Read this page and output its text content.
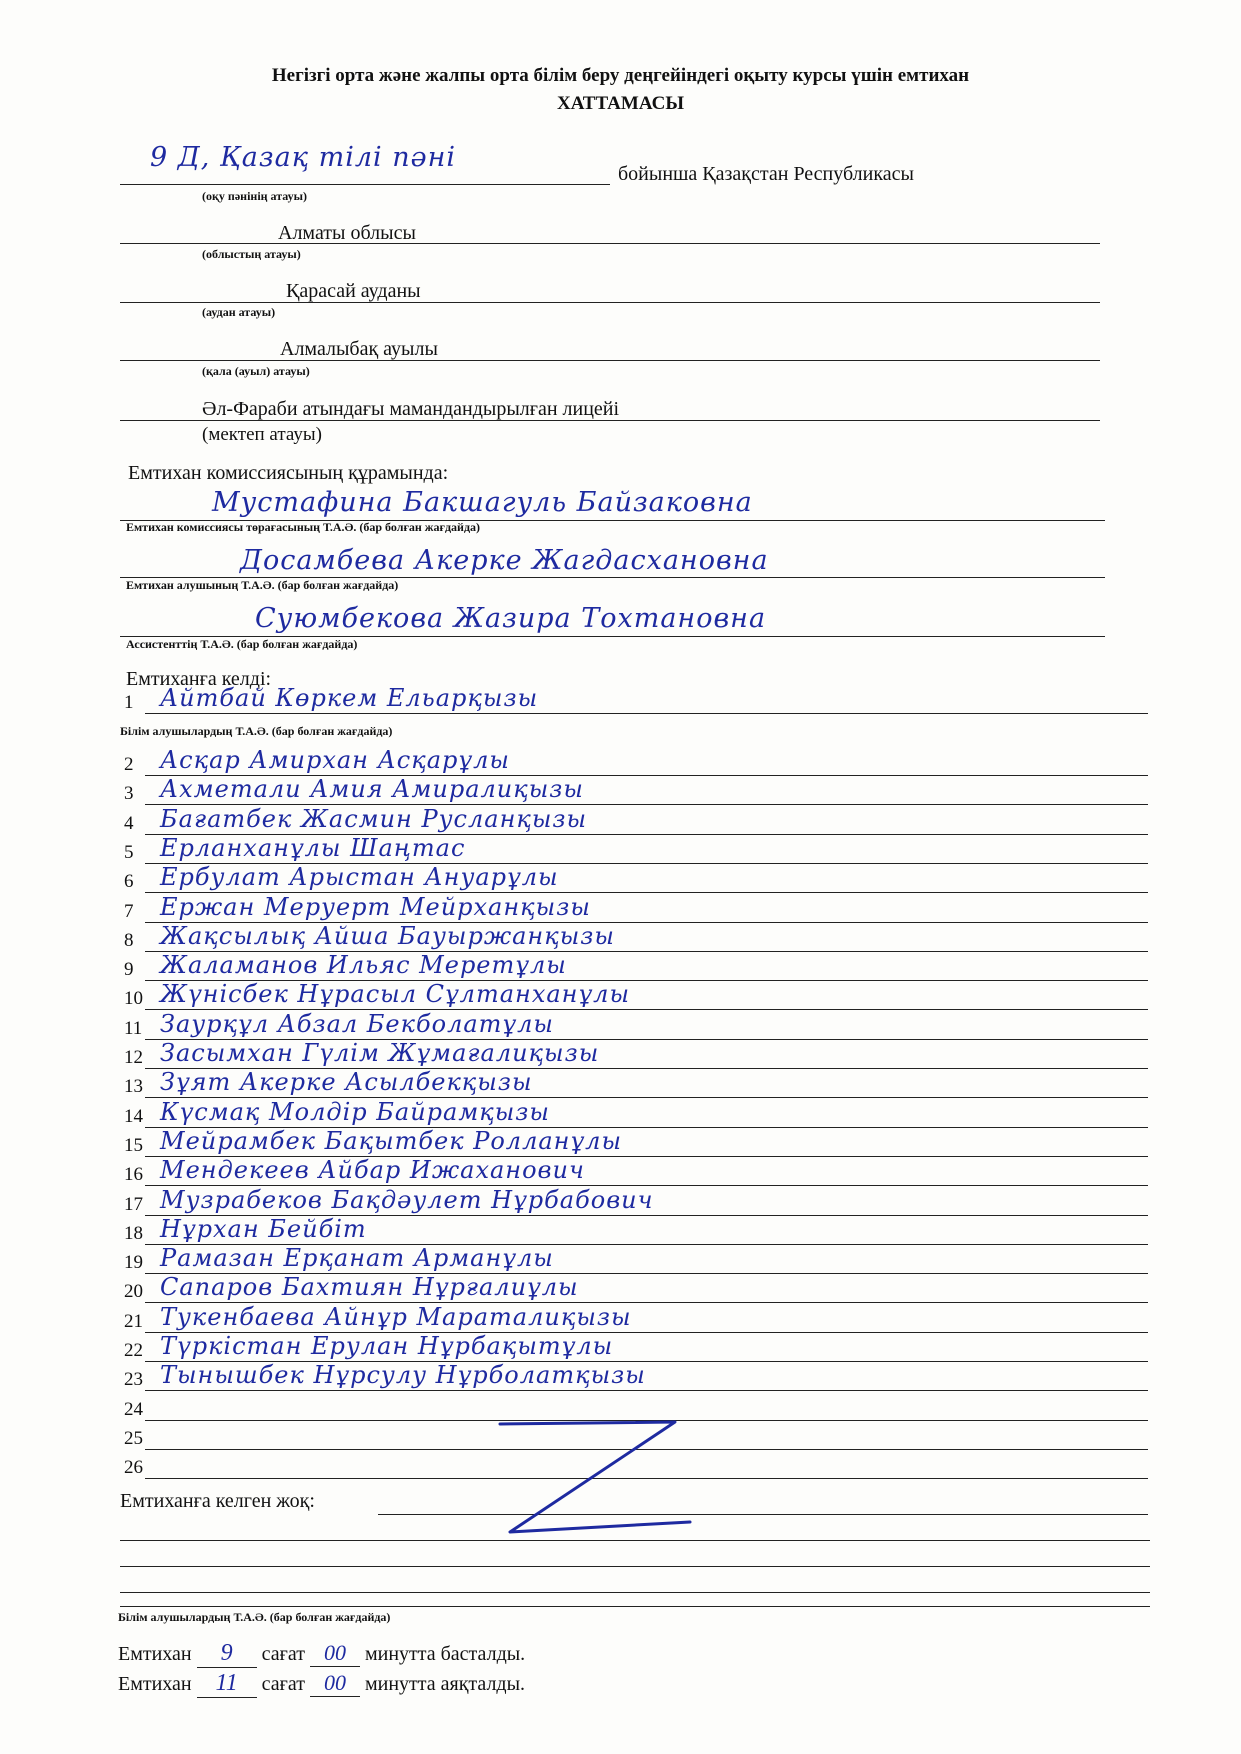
Негізгі орта және жалпы орта білім беру деңгейіндегі оқыту курсы үшін емтихан
ХАТТАМАСЫ
9 Д, Қазақ тілі пәні
бойынша Қазақстан Республикасы
(оқу пәнінің атауы)
Алматы облысы
(облыстың атауы)
Қарасай ауданы
(аудан атауы)
Алмалыбақ ауылы
(қала (ауыл) атауы)
Әл-Фараби атындағы мамандандырылған лицейі
(мектеп атауы)
Емтихан комиссиясының құрамында:
Мустафина Бакшагуль Байзаковна
Емтихан комиссиясы төрағасының Т.А.Ә. (бар болған жағдайда)
Досамбева Акерке Жагдасхановна
Емтихан алушының Т.А.Ә. (бар болған жағдайда)
Суюмбекова Жазира Тохтановна
Ассистенттің Т.А.Ә. (бар болған жағдайда)
Емтиханға келді:
1	Айтбай Көркем Ельарқызы
2	Асқар Амирхан Асқарұлы
3	Ахметали Амия Амиралиқызы
4	Бағатбек Жасмин Русланқызы
5	Ерланханұлы Шаңтас
6	Ербулат Арыстан Ануарұлы
7	Ержан Меруерт Мейрханқызы
8	Жақсылық Айша Бауыржанқызы
9	Жаламанов Ильяс Меретұлы
10 Жүнісбек Нұрасыл Сұлтанханұлы
11 Заурқұл Абзал Бекболатұлы
12 Засымхан Гүлім Жұмағалиқызы
13 Зұят Акерке Асылбекқызы
14 Күсмақ Молдір Байрамқызы
15 Мейрамбек Бақытбек Ролланұлы
16 Мендекеев Айбар Ижаханович
17 Музрабеков Бақдәулет Нұрбабович
18 Нұрхан Бейбіт
19 Рамазан Ерқанат Арманұлы
20 Сапаров Бахтиян Нұрғалиұлы
21 Тукенбаева Айнұр Мараталиқызы
22 Түркістан Ерулан Нұрбақытұлы
23 Тынышбек Нұрсулу Нұрболатқызы
24
25
26
Білім алушылардың Т.А.Ә. (бар болған жағдайда)
Емтиханға келген жоқ:
Білім алушылардың Т.А.Ә. (бар болған жағдайда)
Емтихан 9 сағат 00 минутта басталды.
Емтихан 11 сағат 00 минутта аяқталды.
